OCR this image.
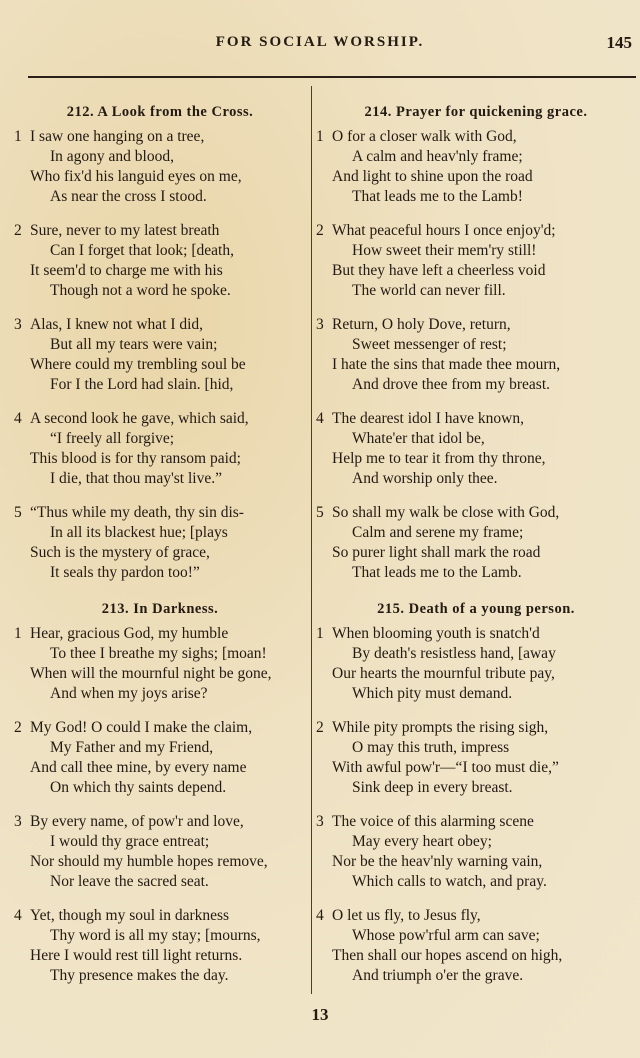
FOR SOCIAL WORSHIP.	145
212. A Look from the Cross.
1 I saw one hanging on a tree,
In agony and blood,
Who fix'd his languid eyes on me,
As near the cross I stood.
2 Sure, never to my latest breath
Can I forget that look; [death,
It seem'd to charge me with his
Though not a word he spoke.
3 Alas, I knew not what I did,
But all my tears were vain;
Where could my trembling soul be
For I the Lord had slain. [hid,
4 A second look he gave, which said,
“I freely all forgive;
This blood is for thy ransom paid;
I die, that thou may'st live.”
5 “Thus while my death, thy sin dis-
In all its blackest hue; [plays
Such is the mystery of grace,
It seals thy pardon too!”
213. In Darkness.
1 Hear, gracious God, my humble
To thee I breathe my sighs; [moan!
When will the mournful night be gone,
And when my joys arise?
2 My God! O could I make the claim,
My Father and my Friend,
And call thee mine, by every name
On which thy saints depend.
3 By every name, of pow'r and love,
I would thy grace entreat;
Nor should my humble hopes remove,
Nor leave the sacred seat.
4 Yet, though my soul in darkness
Thy word is all my stay; [mourns,
Here I would rest till light returns.
Thy presence makes the day.
214. Prayer for quickening grace.
1 O for a closer walk with God,
A calm and heav'nly frame;
And light to shine upon the road
That leads me to the Lamb!
2 What peaceful hours I once enjoy'd;
How sweet their mem'ry still!
But they have left a cheerless void
The world can never fill.
3 Return, O holy Dove, return,
Sweet messenger of rest;
I hate the sins that made thee mourn,
And drove thee from my breast.
4 The dearest idol I have known,
Whate'er that idol be,
Help me to tear it from thy throne,
And worship only thee.
5 So shall my walk be close with God,
Calm and serene my frame;
So purer light shall mark the road
That leads me to the Lamb.
215. Death of a young person.
1 When blooming youth is snatch'd
By death's resistless hand, [away
Our hearts the mournful tribute pay,
Which pity must demand.
2 While pity prompts the rising sigh,
O may this truth, impress
With awful pow'r—“I too must die,”
Sink deep in every breast.
3 The voice of this alarming scene
May every heart obey;
Nor be the heav'nly warning vain,
Which calls to watch, and pray.
4 O let us fly, to Jesus fly,
Whose pow'rful arm can save;
Then shall our hopes ascend on high,
And triumph o'er the grave.
13
